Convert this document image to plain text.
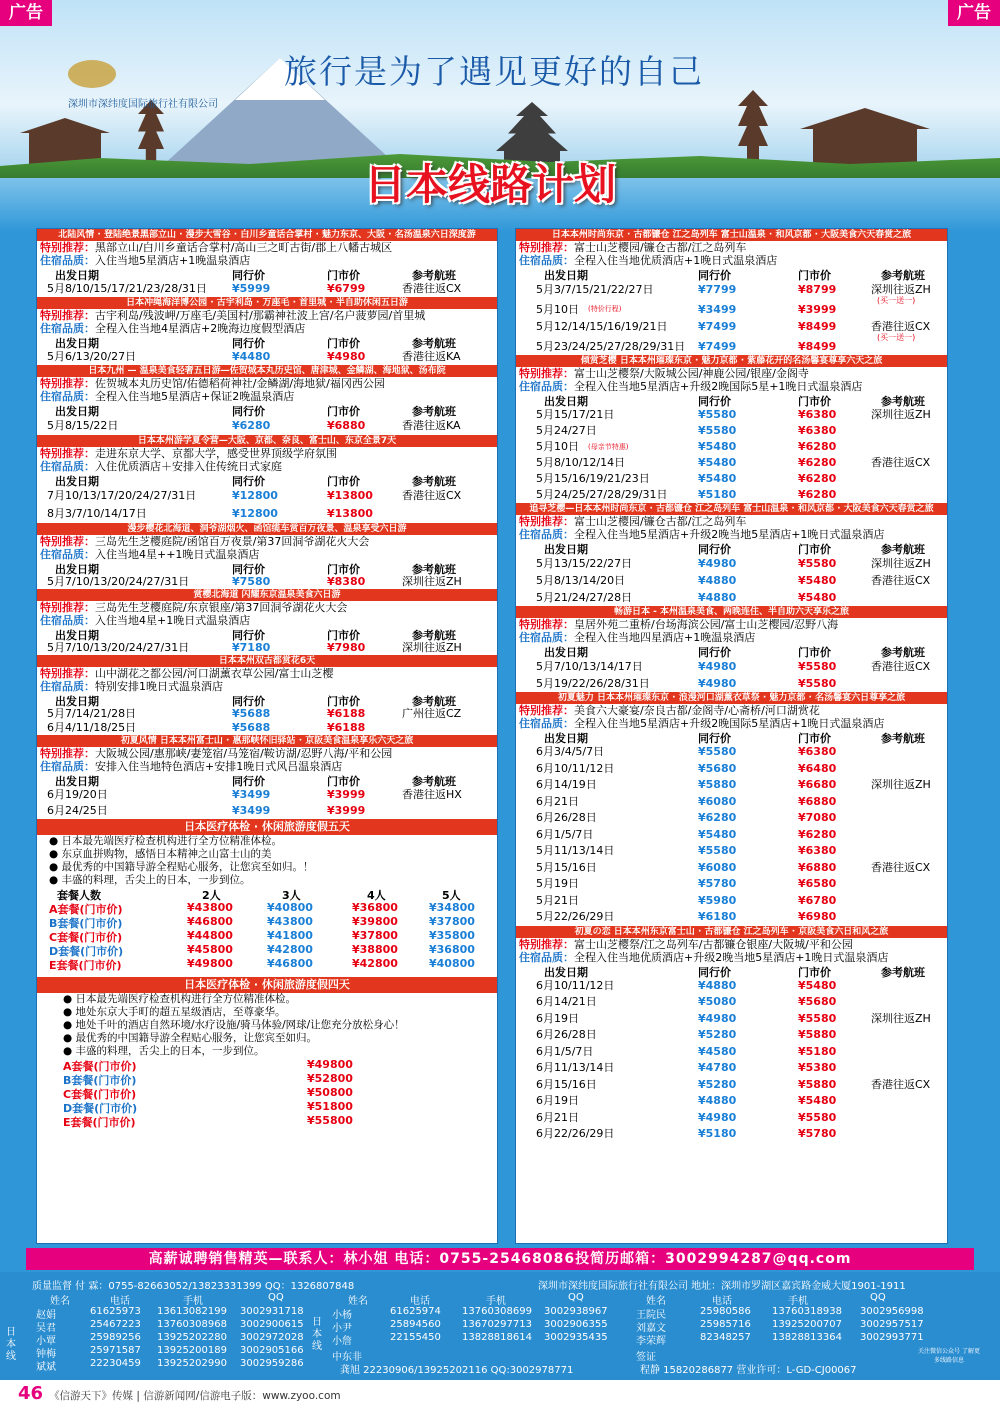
广告	广告
深圳市深纬度国际旅行社有限公司
旅行是为了遇见更好的自己
日本线路计划
北陆风情 · 登陆绝景黑部立山 · 漫步大雪谷 · 白川乡童话合掌村 · 魅力东京、大阪 · 名汤温泉六日深度游
特别推荐：黑部立山/白川乡童话合掌村/高山三之町古街/郡上八幡古城区
住宿品质：入住当地5星酒店+1晚温泉酒店
出发日期	同行价	门市价	参考航班
5月8/10/15/17/21/23/28/31日 ¥5999	¥6799	香港往返CX
日本冲绳海洋博公园 · 古宇利岛 · 万座毛 · 首里城 · 半自助休闲五日游
特别推荐：古宇利岛/残波岬/万座毛/美国村/那霸神社波上宫/名户菠萝园/首里城
住宿品质：全程入住当地4星酒店+2晚海边度假型酒店
出发日期	同行价	门市价	参考航班
5月6/13/20/27日	¥4480	¥4980	香港往返KA
日本九州 — 温泉美食轻奢五日游—佐贺城本丸历史馆、唐津城、金鳞湖、海地狱、汤布院
特别推荐：佐贺城本丸历史馆/佑德稻荷神社/金鳞湖/海地狱/福冈西公园
住宿品质：全程入住当地5星酒店+保证2晚温泉酒店
出发日期	同行价	门市价	参考航班
5月8/15/22日	¥6280	¥6880	香港往返KA
日本本州游学夏令营—大阪、京都、奈良、富士山、东京全景7天
特别推荐：走进东京大学、京都大学，感受世界顶级学府氛围
住宿品质：入住优质酒店＋安排入住传统日式家庭
出发日期	同行价	门市价	参考航班
7月10/13/17/20/24/27/31日	¥12800	¥13800	香港往返CX
8月3/7/10/14/17日	¥12800	¥13800
漫步樱花北海道、洞爷湖烟火、函馆缆车赏百万夜景、温泉享受六日游
特别推荐：三岛先生芝樱庭院/函馆百万夜景/第37回洞爷湖花火大会
住宿品质：入住当地4星++1晚日式温泉酒店
出发日期	同行价	门市价	参考航班
5月7/10/13/20/24/27/31日	¥7580	¥8380	深圳往返ZH
赏樱北海道 闪耀东京温泉美食六日游
特别推荐：三岛先生芝樱庭院/东京银座/第37回洞爷湖花火大会
住宿品质：入住当地4星+1晚日式温泉酒店
出发日期	同行价	门市价	参考航班
5月7/10/13/20/24/27/31日	¥7180	¥7980	深圳往返ZH
日本本州双古都赏花6天
特别推荐：山中湖花之都公园/河口湖薰衣草公园/富士山芝樱
住宿品质：特别安排1晚日式温泉酒店
出发日期	同行价	门市价	参考航班
5月7/14/21/28日	¥5688	¥6188	广州往返CZ
6月4/11/18/25日	¥5688	¥6188
初夏风情 日本本州富士山 · 惠那峡怀旧驿站 · 京阪美食温泉享乐六天之旅
特别推荐：大阪城公园/惠那峡/妻笼宿/马笼宿/鞍访湖/忍野八海/平和公园
住宿品质：安排入住当地特色酒店+安排1晚日式风吕温泉酒店
出发日期	同行价	门市价	参考航班
6月19/20日	¥3499	¥3999	香港往返HX
6月24/25日	¥3499	¥3999
日本医疗体检 · 休闲旅游度假五天
● 日本最先端医疗检查机构进行全方位精准体检。
● 东京血拼购物，感悟日本精神之山富士山的美
● 最优秀的中国籍导游全程贴心服务，让您宾至如归。！
● 丰盛的料理，舌尖上的日本，一步到位。
套餐人数	2人	3人	4人	5人
A套餐(门市价)	¥43800	¥40800	¥36800	¥34800
B套餐(门市价)	¥46800	¥43800	¥39800	¥37800
C套餐(门市价)	¥44800	¥41800	¥37800	¥35800
D套餐(门市价)	¥45800	¥42800	¥38800	¥36800
E套餐(门市价)	¥49800	¥46800	¥42800	¥40800
日本医疗体检 · 休闲旅游度假四天
● 日本最先端医疗检查机构进行全方位精准体检。
● 地处东京大手町的超五星级酒店，至尊豪华。
● 地处千叶的酒店自然环境/水疗设施/骑马体验/网球/让您充分放松身心！
● 最优秀的中国籍导游全程贴心服务，让您宾至如归。
● 丰盛的料理，舌尖上的日本，一步到位。
A套餐(门市价)	¥49800
B套餐(门市价)	¥52800
C套餐(门市价)	¥50800
D套餐(门市价)	¥51800
E套餐(门市价)	¥55800
日本本州时尚东京 · 古都镰仓 江之岛列车 富士山温泉 · 和风京都 · 大阪美食六天春赏之旅
特别推荐：富士山芝樱园/镰仓古都/江之岛列车
住宿品质：全程入住当地优质酒店+1晚日式温泉酒店
出发日期	同行价	门市价	参考航班
5月3/7/15/21/22/27日	¥7799	¥8799	深圳往返ZH
(买一送一)
5月10日 (特价行程)	¥3499	¥3999
5月12/14/15/16/19/21日	¥7499	¥8499	香港往返CX
(买一送一)
5月23/24/25/27/28/29/31日 ¥7499	¥8499
倾赏芝樱 日本本州璀璨东京 · 魅力京都 · 紫藤花开的名汤馨宴尊享六天之旅
特别推荐：富士山芝樱祭/大阪城公园/神鹿公园/银座/金阁寺
住宿品质：全程入住当地5星酒店+升级2晚国际5星+1晚日式温泉酒店
出发日期	同行价	门市价	参考航班
5月15/17/21日	¥5580	¥6380	深圳往返ZH
5月24/27日	¥5580	¥6380
5月10日 (母亲节特惠)	¥5480	¥6280
5月8/10/12/14日	¥5480	¥6280	香港往返CX
5月15/16/19/21/23日	¥5480	¥6280
5月24/25/27/28/29/31日	¥5180	¥6280
追寻芝樱—日本本州时尚东京 · 古都镰仓 江之岛列车 富士山温泉 · 和风京都 · 大阪美食六天春赏之旅
特别推荐：富士山芝樱园/镰仓古都/江之岛列车
住宿品质：全程入住当地5星酒店+升级2晚当地5星酒店+1晚日式温泉酒店
出发日期	同行价	门市价	参考航班
5月13/15/22/27日	¥4980	¥5580	深圳往返ZH
5月8/13/14/20日	¥4880	¥5480	香港往返CX
5月21/24/27/28日	¥4880	¥5480
畅游日本 - 本州温泉美食、两晚连住、半自助六天享乐之旅
特别推荐：皇居外苑二重桥/台场海滨公园/富士山芝樱园/忍野八海
住宿品质：全程入住当地四星酒店+1晚温泉酒店
出发日期	同行价	门市价	参考航班
5月7/10/13/14/17日	¥4980	¥5580	香港往返CX
5月19/22/26/28/31日	¥4980	¥5580
初夏魅力 日本本州璀璨东京 · 浪漫河口湖薰衣草祭 · 魅力京都 · 名汤馨宴六日尊享之旅
特别推荐：美食六大豪宴/奈良古都/金阁寺/心斋桥/河口湖赏花
住宿品质：全程入住当地5星酒店+升级2晚国际5星酒店+1晚日式温泉酒店
出发日期	同行价	门市价	参考航班
6月3/4/5/7日	¥5580	¥6380
6月10/11/12日	¥5680	¥6480
6月14/19日	¥5880	¥6680	深圳往返ZH
6月21日	¥6080	¥6880
6月26/28日	¥6280	¥7080
6月1/5/7日	¥5480	¥6280
5月11/13/14日	¥5580	¥6380
5月15/16日	¥6080	¥6880	香港往返CX
5月19日	¥5780	¥6580
5月21日	¥5980	¥6780
5月22/26/29日	¥6180	¥6980
初夏の恋 日本本州东京富士山 · 古都镰仓 江之岛列车 · 京阪美食六日和风之旅
特别推荐：富士山芝樱祭/江之岛列车/古都镰仓银座/大阪城/平和公园
住宿品质：全程入住当地优质酒店+升级2晚当地5星酒店+1晚日式温泉酒店
出发日期	同行价	门市价	参考航班
6月10/11/12日	¥4880	¥5480
6月14/21日	¥5080	¥5680
6月19日	¥4980	¥5580	深圳往返ZH
6月26/28日	¥5280	¥5880
6月1/5/7日	¥4580	¥5180
6月11/13/14日	¥4780	¥5380
6月15/16日	¥5280	¥5880	香港往返CX
6月19日	¥4880	¥5480
6月21日	¥4980	¥5580
6月22/26/29日	¥5180	¥5780
高薪诚聘销售精英—联系人：林小姐 电话：0755-25468086投简历邮箱：3002994287@qq.com
质量监督 付 霖：0755-82663052/13823331399 QQ：1326807848	深圳市深纬度国际旅行社有限公司 地址：深圳市罗湖区嘉宾路金威大厦1901-1911
姓名	电话	手机	QQ	姓名	电话	手机	QQ	姓名	电话	手机	QQ
日本线
日本线
赵娟	61625973 13613082199 3002931718
吴君	25467223 13760308968 3002900615
小覃	25989256 13925202280 3002972028
钟梅	25971587 13925200189 3002905166
斌斌	22230459 13925202990 3002959286
小杨	61625974 13760308699 3002938967
小尹	25894560 13670297713 3002906355
小詹	22155450 13828818614 3002935435
中东非
龚旭 22230906/13925202116 QQ:3002978771
王院民	25980586 13760318938 3002956998
刘嘉文	25985716 13925200707 3002957517
李荣辉	82348257 13828813364 3002993771
签证
程静 15820286877 营业许可：L-GD-CJ00067
关注微信公众号 了解更多线路信息
46 《信游天下》传媒 | 信游新闻网/信游电子版：www.zyoo.com
